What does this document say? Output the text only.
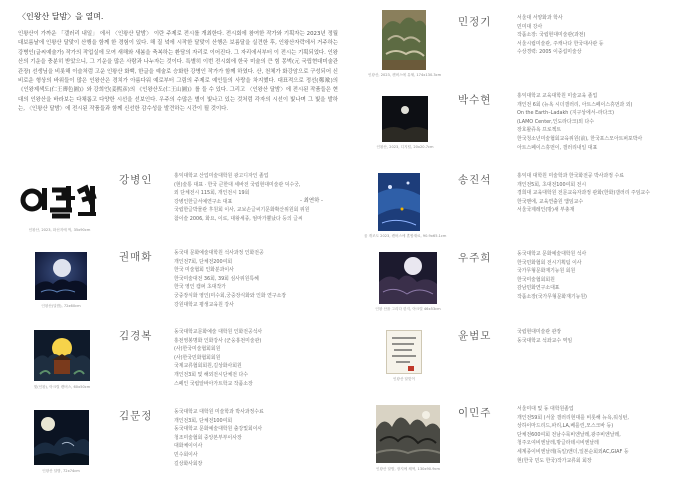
〈인왕산 달밤〉을 열며.
인왕산이 가까운 「갤러리 내일」 에서 〈인왕산 달밤〉 이란 주제로 전시를 개최한다. 전시회에 참여한 작가와 기획자는 2023년 정월 대보름날에 인왕산 달맞이 산행을 함께 한 경험이 있다. 해 질 녘에 시작한 달맞이 산행은 보름달을 실견한 후, 인왕산자락에서 거주하는 강병인(글씨예술가) 작가의 작업실에 모여 새해와 새봄을 축복하는 환담의 자리로 이어진다. 그 자리에서부터 이 전시는 기획되었다. 인왕산의 기운을 충분히 받았으니, 그 기운을 많은 사람과 나누자는 것이다. 특별히 이번 전시회에 한국 미술의 큰 힘 몽벅(元 국립현대미술관 관장) 선생님을 비롯해 이슬처럼 고운 인왕산 화백, 한글을 예술로 승화한 강병인 작가가 함께 하였다. 산, 천체가 화강암으로 구성되어 신비로운 형상의 바위들이 많은 인왕산은 경치가 아름다워 예로부터 그림의 주제로 예인들의 사랑을 차지했다. 대표적으로 정선(鄭敾)의 《인왕제색도(仁王霽色圖)》와 강희언(姜熙彦)의 《인왕산도(仁王山圖)》를 들 수 있다. 그리고 〈인왕산 달밤〉에 전시된 작품들은 현대의 인왕산을 바라보는 다채롭고 다양한 시선을 선보인다. 우주의 수많은 별이 빛나고 있는 것처럼 각자의 시선이 빛나며 그 빛을 발하는, 〈인왕산 달밤〉에 전시된 작품들과 함께 신선한 감수성을 발견하는 시간이 될 것이다.
- 최연하 -
인왕산, 2023, 화선지에 먹, 35x90cm
강병인	홍익대학교 산업미술대학원 광고디자인 졸업
(현)술통 대표 · 한국 큰한대 세바전 국립현대미술관 덕수궁,
외 단체전시 115회, 개인전시 19회
강병인한글서예연구소 대표
국립한글박물관 후원회 이사, 교보손글씨기문화확산위원회 위원
참이슬 2006, 화요, 이로, 대왕세종, 엄마가뿔났다 등의 글씨
인왕산(달밤), 72x60cm
권매화	동국대 문화예술대학원 석사과정 인화전공
개인전7회, 단체전200여회
한국 미술협회 인화분과이사
한국미술대전 36회, 39회 심사위원특혜
한국 영인 캠퍼 초대작가
궁중장식화 영인(미수회,궁중장식화와 인화 연구소장
강원대학교 평생교육원 강사
빛(인왕), 아크릴 캔버스, 60x50cm
김경복	동국대학교문화예술 대학원 인화전공석사
홍천영봉명화 인화강사 (군웅홍천미술관)
(사)한국미술협회회원
(사)한국민화협회회원
국제교류협회회원,길상화사회원
개인전3회 및 해외전시단체전 다수
스페인 국립알바아가트학교 작품소장
인왕산 달밤, 72x74cm
김문정	동국대학교 대학원 미술학과 박사과정수료
개인전3회, 단체전100여회
동국대학교 문화예술대학원 출강및회이사
청조미술협회 중앙본부부이사장
대화체이이사
민수회이사
길상화사회장
인왕산, 2023, 캔버스에 유채, 174x130.3cm
민정기	서울대 서양화과 학사
민미대 강사
작품소장: 국립현대미술관(과천)
서울시립미술관, 주캐나다 한국대사관 등
수상경력: 2005 이중섭미술상
인왕산, 2023, 디지털, 20x20.7cm
박수현	홍익대학교 교육대학원 미술교육 졸업
개인전 6회 (뉴욕 시더갤러리, 아트스페이스휴먼과 외)
On the Earth–Ladakh (지구상에서–라다크)
(LAMO Center,인도라다크)외 다수
장호왈쥬욕 프로젝트
한국청소년미술협회교육위원(前), 한국포스모아트퍼포박사
아트스페이스휴먼이, 갤러리내일 대표
꿈 개조도 2023, 캔버스에 혼합재료, 90.9x65.1cm
송진석	홍익대 대학원 미술학과 한국화전공 박사과정 수료
개인전5회, 초대전100여회 전시
경희대 교육대학원 전문교육자과정 관화(한화)갤러리 주임교수
한국맨에, 교육연출원 앱임교수
서울국제레인(방)새 부총재
인왕 산을 그리다 한지, 아크릴 46x53cm
우주희	동국대학교 문화예술대학원 석사
한국민화협회 전시기획팀 이사
국가무형문화재기능원 회원
한국미술협회회원
감남민화연구소대표
작품소장(국가무형문화재기능원)
인왕산 달맞이
윤범모	국립현대미술관 관장
동국대학교 석좌교수 역임
인왕산 달밤, 장지에 채색, 130x90.9cm
이민주	서울미대 및 동 대학원졸업
개인전59회 (서울 갤러리현대를 비롯해 뉴욕,워싱턴,
상하이마드리드,파리,LA,베를린,모스크바 등)
단체전600여회 전남수묵비엔날레,광주비엔날레,
청주오여비엔날레,방글라데시비엔날레
세계종이비엔날레(독일)앤더,일본순회외AC,GIAF 등
현(한국 민도 한국)작가교류회 회장
